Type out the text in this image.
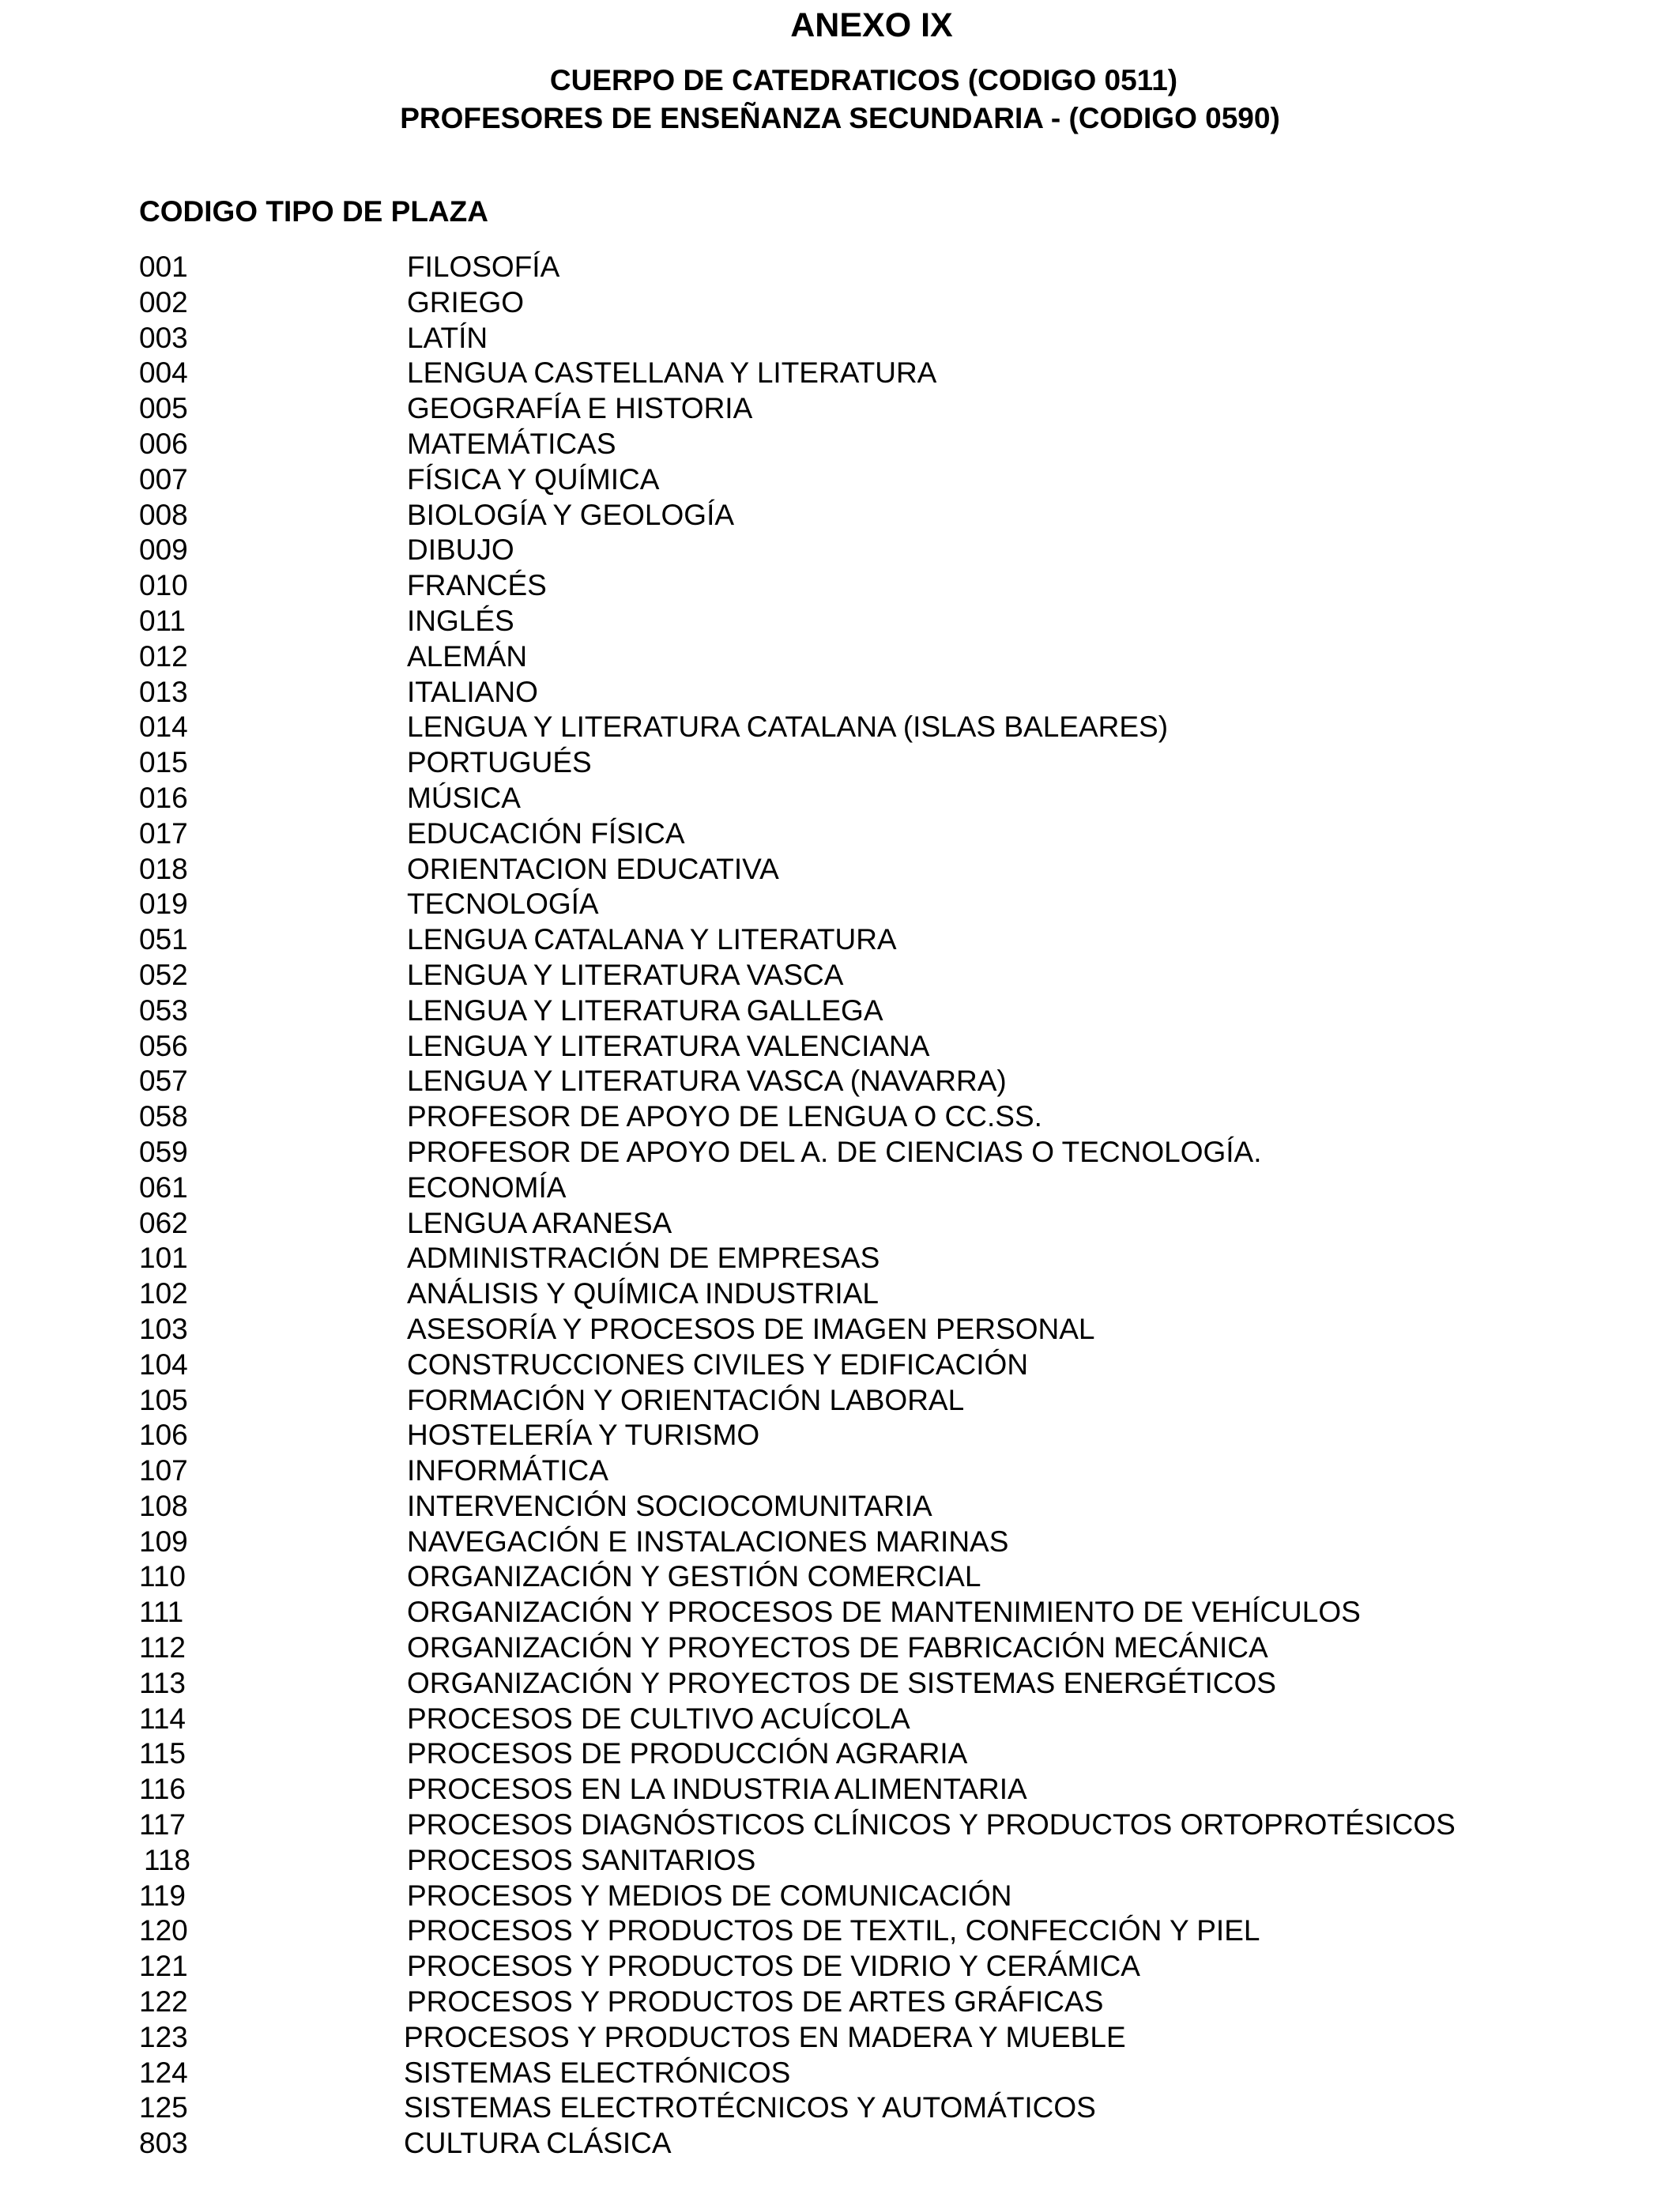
ANEXO IX
CUERPO DE CATEDRATICOS (CODIGO 0511)
PROFESORES DE ENSEÑANZA SECUNDARIA - (CODIGO 0590)
CODIGO TIPO DE PLAZA
001	FILOSOFÍA
002	GRIEGO
003	LATÍN
004	LENGUA CASTELLANA Y LITERATURA
005	GEOGRAFÍA E HISTORIA
006	MATEMÁTICAS
007	FÍSICA Y QUÍMICA
008	BIOLOGÍA Y GEOLOGÍA
009	DIBUJO
010	FRANCÉS
011	INGLÉS
012	ALEMÁN
013	ITALIANO
014	LENGUA Y LITERATURA CATALANA (ISLAS BALEARES)
015	PORTUGUÉS
016	MÚSICA
017	EDUCACIÓN FÍSICA
018	ORIENTACION EDUCATIVA
019	TECNOLOGÍA
051	LENGUA CATALANA Y LITERATURA
052	LENGUA Y LITERATURA VASCA
053	LENGUA Y LITERATURA GALLEGA
056	LENGUA Y LITERATURA VALENCIANA
057	LENGUA Y LITERATURA VASCA (NAVARRA)
058	PROFESOR DE APOYO DE LENGUA O CC.SS.
059	PROFESOR DE APOYO DEL A. DE CIENCIAS O TECNOLOGÍA.
061	ECONOMÍA
062	LENGUA ARANESA
101	ADMINISTRACIÓN DE EMPRESAS
102	ANÁLISIS Y QUÍMICA INDUSTRIAL
103	ASESORÍA Y PROCESOS DE IMAGEN PERSONAL
104	CONSTRUCCIONES CIVILES Y EDIFICACIÓN
105	FORMACIÓN Y ORIENTACIÓN LABORAL
106	HOSTELERÍA Y TURISMO
107	INFORMÁTICA
108	INTERVENCIÓN SOCIOCOMUNITARIA
109	NAVEGACIÓN E INSTALACIONES MARINAS
110	ORGANIZACIÓN Y GESTIÓN COMERCIAL
111	ORGANIZACIÓN Y PROCESOS DE MANTENIMIENTO DE VEHÍCULOS
112	ORGANIZACIÓN Y PROYECTOS DE FABRICACIÓN MECÁNICA
113	ORGANIZACIÓN Y PROYECTOS DE SISTEMAS ENERGÉTICOS
114	PROCESOS DE CULTIVO ACUÍCOLA
115	PROCESOS DE PRODUCCIÓN AGRARIA
116	PROCESOS EN LA INDUSTRIA ALIMENTARIA
117	PROCESOS DIAGNÓSTICOS CLÍNICOS Y PRODUCTOS ORTOPROTÉSICOS
118	PROCESOS SANITARIOS
119	PROCESOS Y MEDIOS DE COMUNICACIÓN
120	PROCESOS Y PRODUCTOS DE TEXTIL, CONFECCIÓN Y PIEL
121	PROCESOS Y PRODUCTOS DE VIDRIO Y CERÁMICA
122	PROCESOS Y PRODUCTOS DE ARTES GRÁFICAS
123	PROCESOS Y PRODUCTOS EN MADERA Y MUEBLE
124	SISTEMAS ELECTRÓNICOS
125	SISTEMAS ELECTROTÉCNICOS Y AUTOMÁTICOS
803	CULTURA CLÁSICA
